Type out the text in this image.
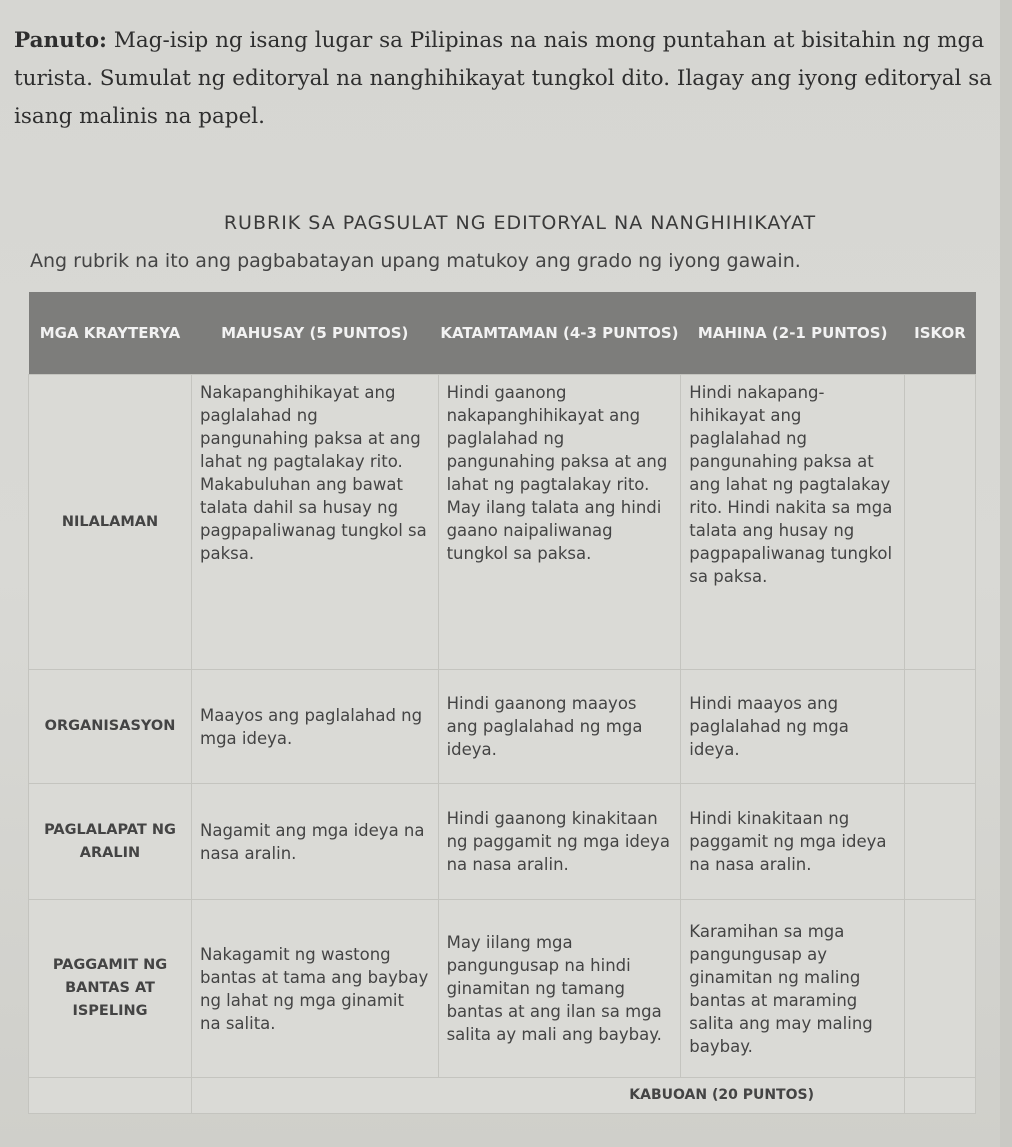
Panuto: Mag-isip ng isang lugar sa Pilipinas na nais mong puntahan at bisitahin ng mga turista. Sumulat ng editoryal na nanghihikayat tungkol dito. Ilagay ang iyong editoryal sa isang malinis na papel.
RUBRIK SA PAGSULAT NG EDITORYAL NA NANGHIHIKAYAT
Ang rubrik na ito ang pagbabatayan upang matukoy ang grado ng iyong gawain.
MGA KRAYTERYA	MAHUSAY (5 PUNTOS)	KATAMTAMAN (4-3 PUNTOS)	MAHINA (2-1 PUNTOS)	ISKOR
NILALAMAN	Nakapanghihikayat ang paglalahad ng pangunahing paksa at ang lahat ng pagtalakay rito. Makabuluhan ang bawat talata dahil sa husay ng pagpapaliwanag tungkol sa paksa.	Hindi gaanong nakapanghihikayat ang paglalahad ng pangunahing paksa at ang lahat ng pagtalakay rito. May ilang talata ang hindi gaano naipaliwanag tungkol sa paksa.	Hindi nakapang-hihikayat ang paglalahad ng pangunahing paksa at ang lahat ng pagtalakay rito. Hindi nakita sa mga talata ang husay ng pagpapaliwanag tungkol sa paksa.	
ORGANISASYON	Maayos ang paglalahad ng mga ideya.	Hindi gaanong maayos ang paglalahad ng mga ideya.	Hindi maayos ang paglalahad ng mga ideya.	
PAGLALAPAT NG ARALIN	Nagamit ang mga ideya na nasa aralin.	Hindi gaanong kinakitaan ng paggamit ng mga ideya na nasa aralin.	Hindi kinakitaan ng paggamit ng mga ideya na nasa aralin.	
PAGGAMIT NG BANTAS AT ISPELING	Nakagamit ng wastong bantas at tama ang baybay ng lahat ng mga ginamit na salita.	May iilang mga pangungusap na hindi ginamitan ng tamang bantas at ang ilan sa mga salita ay mali ang baybay.	Karamihan sa mga pangungusap ay ginamitan ng maling bantas at maraming salita ang may maling baybay.	
	KABUOAN (20 PUNTOS)			
